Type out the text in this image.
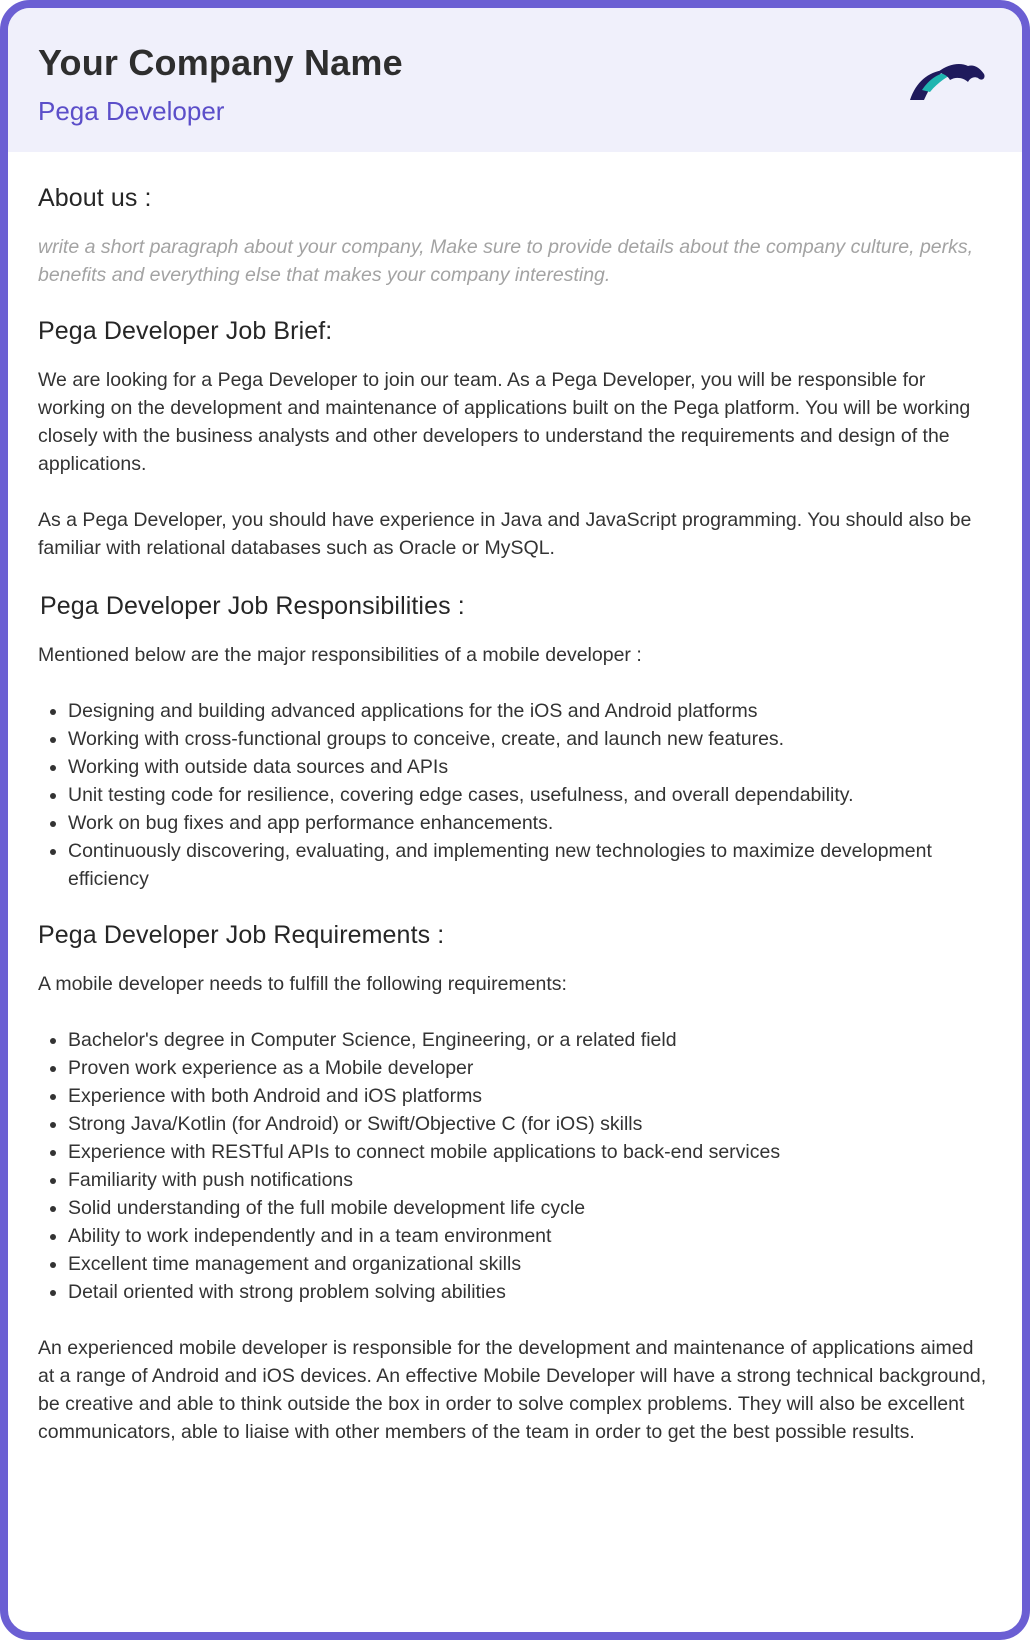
Your Company Name
Pega Developer
About us :

write a short paragraph about your company, Make sure to provide details about the company culture, perks, benefits and everything else that makes your company interesting.

Pega Developer Job Brief:

We are looking for a Pega Developer to join our team. As a Pega Developer, you will be responsible for working on the development and maintenance of applications built on the Pega platform. You will be working closely with the business analysts and other developers to understand the requirements and design of the applications.

As a Pega Developer, you should have experience in Java and JavaScript programming. You should also be familiar with relational databases such as Oracle or MySQL.

Pega Developer Job Responsibilities :

Mentioned below are the major responsibilities of a mobile developer :

• Designing and building advanced applications for the iOS and Android platforms
• Working with cross-functional groups to conceive, create, and launch new features.
• Working with outside data sources and APIs
• Unit testing code for resilience, covering edge cases, usefulness, and overall dependability.
• Work on bug fixes and app performance enhancements.
• Continuously discovering, evaluating, and implementing new technologies to maximize development efficiency
Pega Developer Job Requirements :

A mobile developer needs to fulfill the following requirements:

• Bachelor's degree in Computer Science, Engineering, or a related field
• Proven work experience as a Mobile developer
• Experience with both Android and iOS platforms
• Strong Java/Kotlin (for Android) or Swift/Objective C (for iOS) skills
• Experience with RESTful APIs to connect mobile applications to back-end services
• Familiarity with push notifications
• Solid understanding of the full mobile development life cycle
• Ability to work independently and in a team environment
• Excellent time management and organizational skills
• Detail oriented with strong problem solving abilities

An experienced mobile developer is responsible for the development and maintenance of applications aimed at a range of Android and iOS devices. An effective Mobile Developer will have a strong technical background, be creative and able to think outside the box in order to solve complex problems. They will also be excellent communicators, able to liaise with other members of the team in order to get the best possible results.
